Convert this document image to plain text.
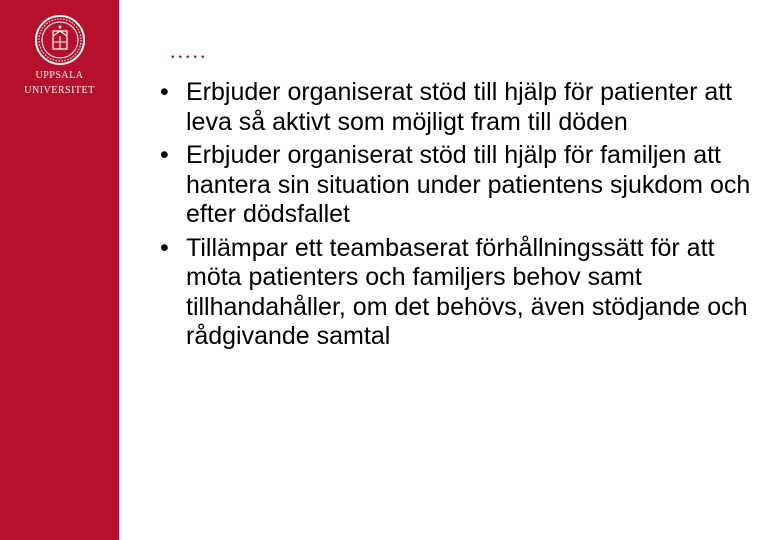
UPPSALA
UNIVERSITET
.....
• Erbjuder organiserat stöd till hjälp för patienter att leva så aktivt som möjligt fram till döden
• Erbjuder organiserat stöd till hjälp för familjen att hantera sin situation under patientens sjukdom och efter dödsfallet
• Tillämpar ett teambaserat förhållningssätt för att möta patienters och familjers behov samt tillhandahåller, om det behövs, även stödjande och rådgivande samtal
